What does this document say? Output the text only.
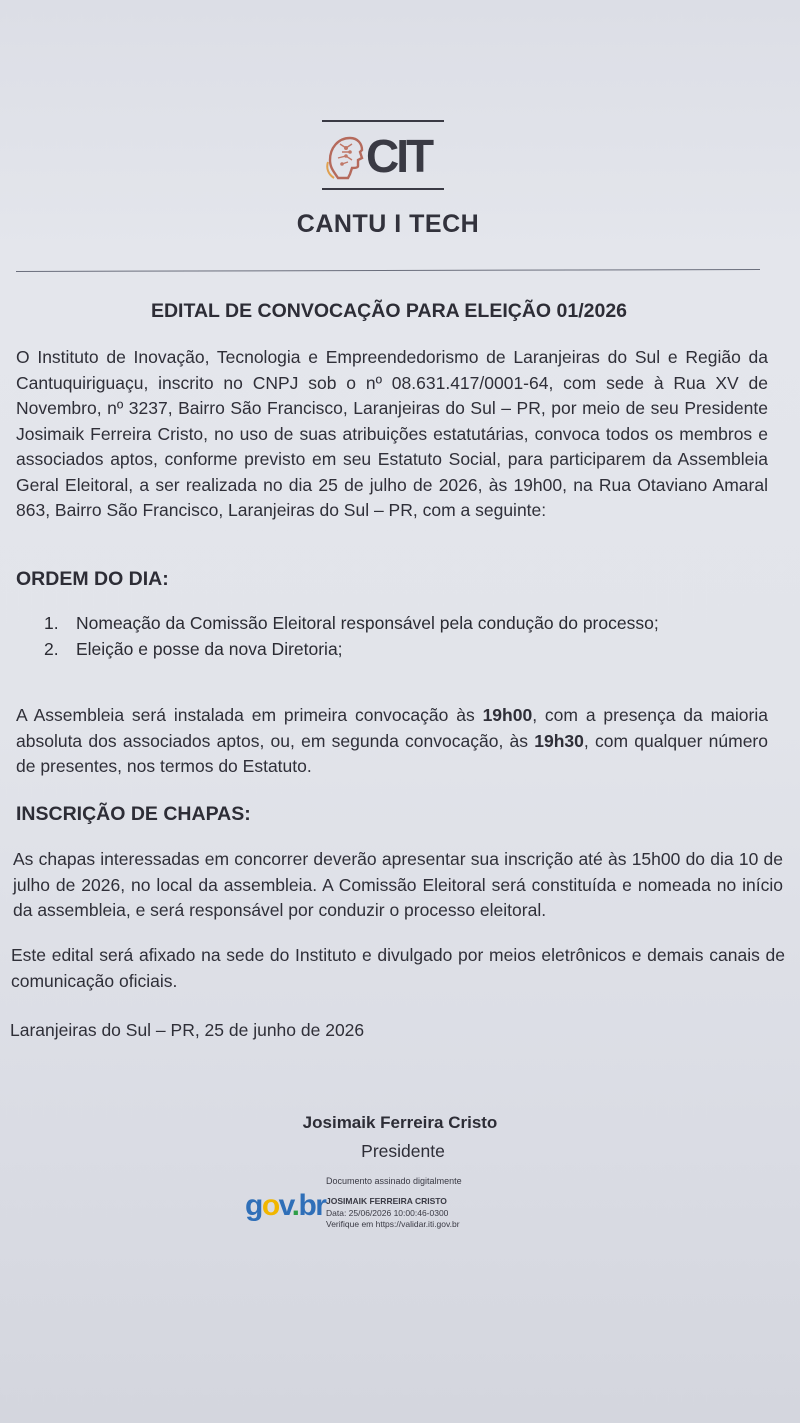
CIT
CANTU I TECH
EDITAL DE CONVOCAÇÃO PARA ELEIÇÃO 01/2026
O Instituto de Inovação, Tecnologia e Empreendedorismo de Laranjeiras do Sul e Região da Cantuquiriguaçu, inscrito no CNPJ sob o nº 08.631.417/0001-64, com sede à Rua XV de Novembro, nº 3237, Bairro São Francisco, Laranjeiras do Sul – PR, por meio de seu Presidente Josimaik Ferreira Cristo, no uso de suas atribuições estatutárias, convoca todos os membros e associados aptos, conforme previsto em seu Estatuto Social, para participarem da Assembleia Geral Eleitoral, a ser realizada no dia 25 de julho de 2026, às 19h00, na Rua Otaviano Amaral 863, Bairro São Francisco, Laranjeiras do Sul – PR, com a seguinte:
ORDEM DO DIA:
1. Nomeação da Comissão Eleitoral responsável pela condução do processo;
2. Eleição e posse da nova Diretoria;
A Assembleia será instalada em primeira convocação às 19h00, com a presença da maioria absoluta dos associados aptos, ou, em segunda convocação, às 19h30, com qualquer número de presentes, nos termos do Estatuto.
INSCRIÇÃO DE CHAPAS:
As chapas interessadas em concorrer deverão apresentar sua inscrição até às 15h00 do dia 10 de julho de 2026, no local da assembleia. A Comissão Eleitoral será constituída e nomeada no início da assembleia, e será responsável por conduzir o processo eleitoral.
Este edital será afixado na sede do Instituto e divulgado por meios eletrônicos e demais canais de comunicação oficiais.
Laranjeiras do Sul – PR, 25 de junho de 2026
Josimaik Ferreira Cristo
Presidente
gov.br
Documento assinado digitalmente
JOSIMAIK FERREIRA CRISTO
Data: 25/06/2026 10:00:46-0300
Verifique em https://validar.iti.gov.br
